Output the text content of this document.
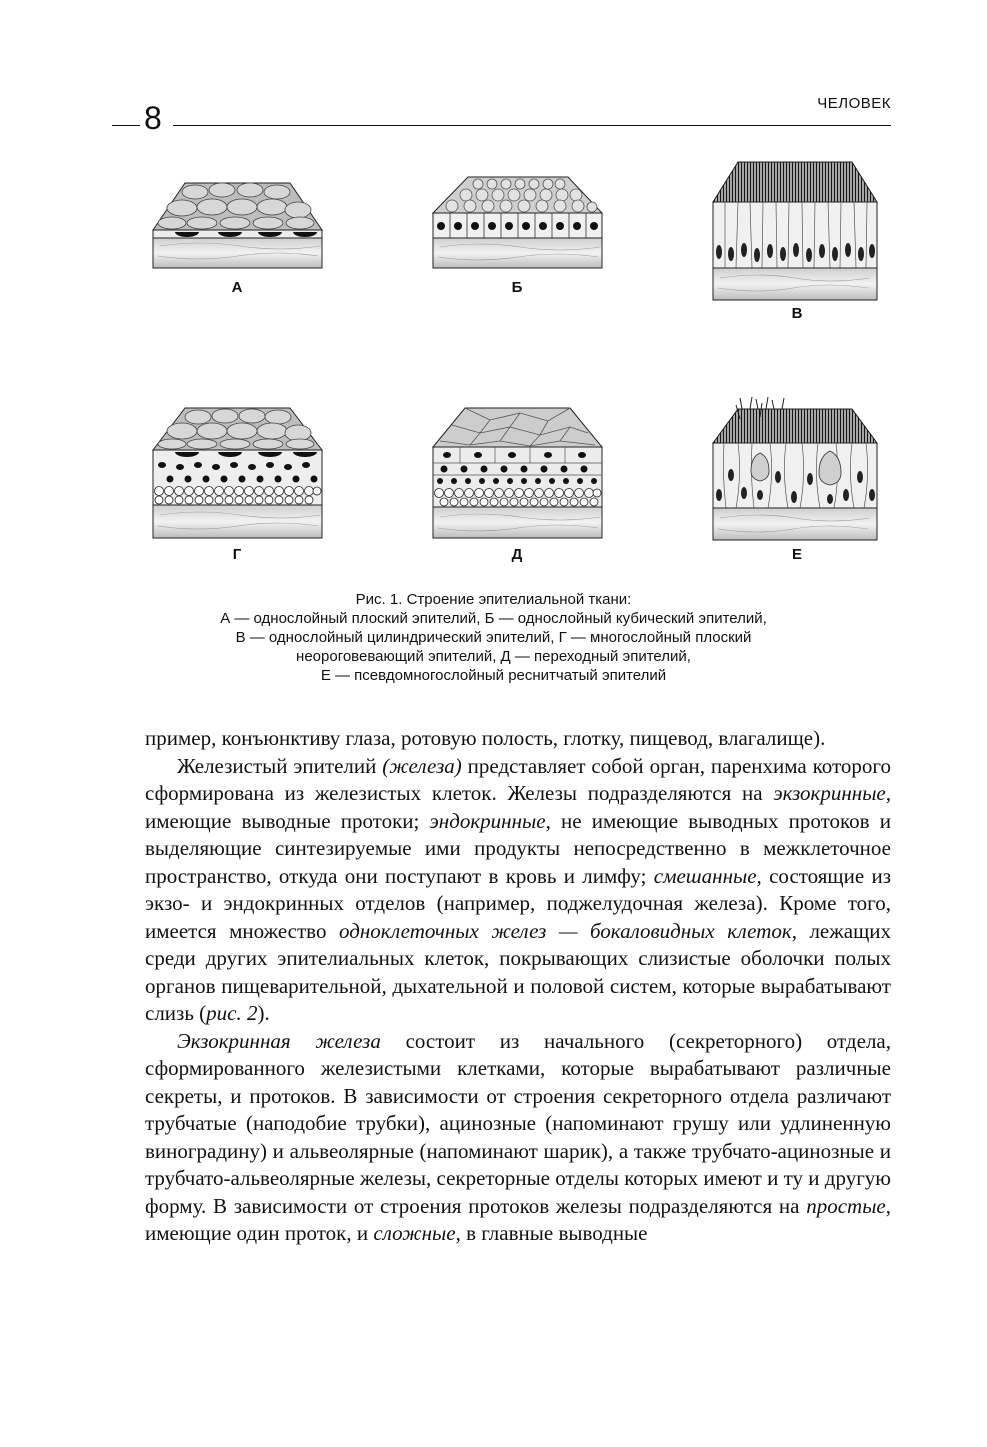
8	ЧЕЛОВЕК
А	Б
В
Г	Д	Е
Рис. 1. Строение эпителиальной ткани:
А — однослойный плоский эпителий, Б — однослойный кубический эпителий,
В — однослойный цилиндрический эпителий, Г — многослойный плоский
неороговевающий эпителий, Д — переходный эпителий,
Е — псевдомногослойный реснитчатый эпителий

пример, конъюнктиву глаза, ротовую полость, глотку, пищевод, влагалище).

Железистый эпителий (железа) представляет собой орган, паренхима которого сформирована из железистых клеток. Железы подразделяются на экзокринные, имеющие выводные протоки; эндокринные, не имеющие выводных протоков и выделяющие синтезируемые ими продукты непосредственно в межклеточное пространство, откуда они поступают в кровь и лимфу; смешанные, состоящие из экзо- и эндокринных отделов (например, поджелудочная железа). Кроме того, имеется множество одноклеточных желез — бокаловидных клеток, лежащих среди других эпителиальных клеток, покрывающих слизистые оболочки полых органов пищеварительной, дыхательной и половой систем, которые вырабатывают слизь (рис. 2).

Экзокринная железа состоит из начального (секреторного) отдела, сформированного железистыми клетками, которые вырабатывают различные секреты, и протоков. В зависимости от строения секреторного отдела различают трубчатые (наподобие трубки), ацинозные (напоминают грушу или удлиненную виноградину) и альвеолярные (напоминают шарик), а также трубчато-ацинозные и трубчато-альвеолярные железы, секреторные отделы которых имеют и ту и другую форму. В зависимости от строения протоков железы подразделяются на простые, имеющие один проток, и сложные, в главные выводные
